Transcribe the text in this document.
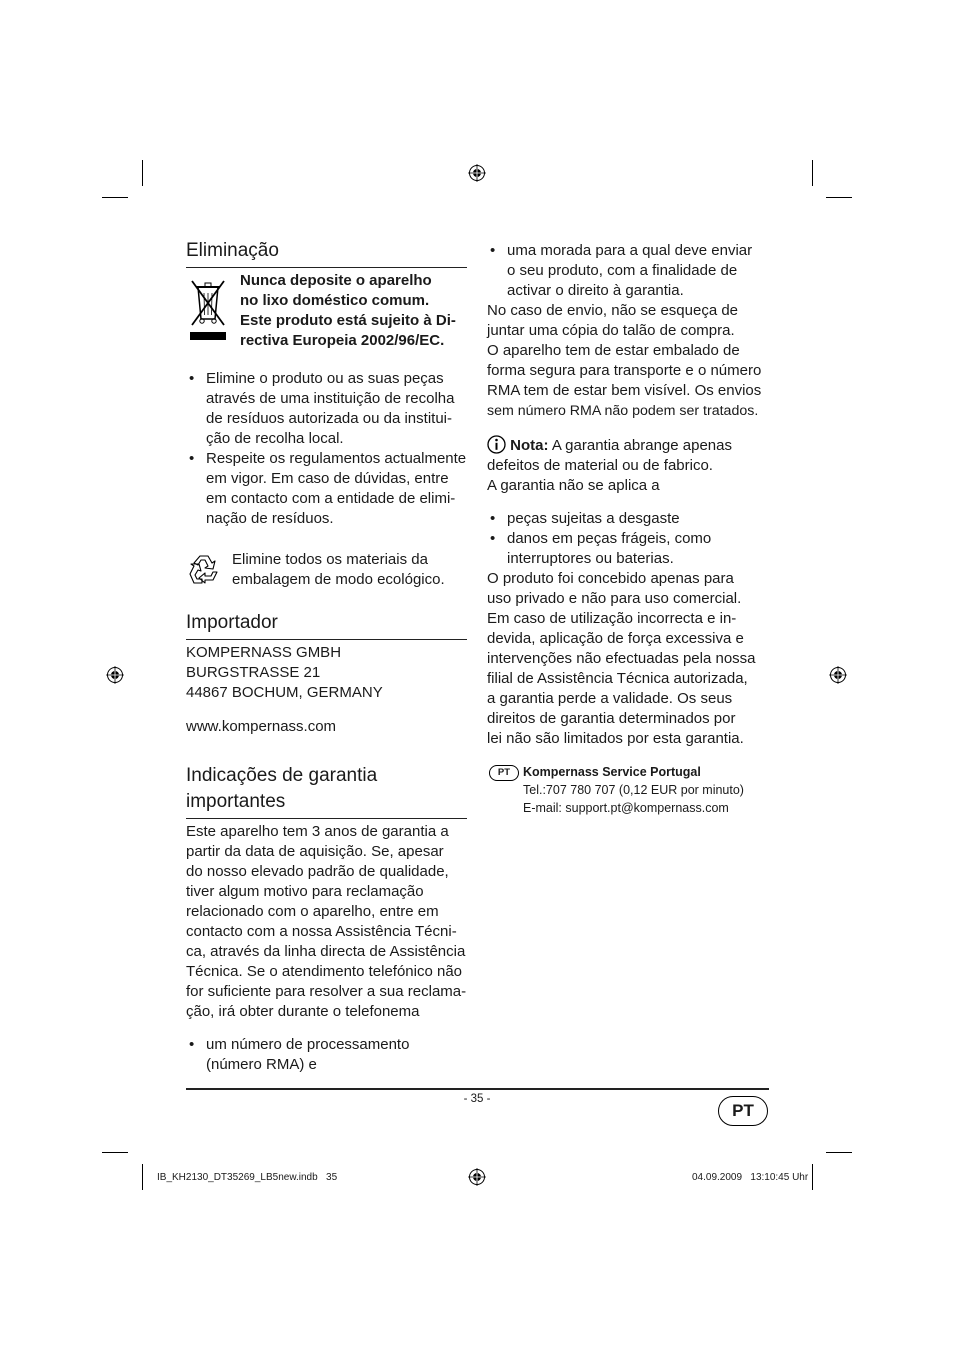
Eliminação
Nunca deposite o aparelho
no lixo doméstico comum.
Este produto está sujeito à Di-
rectiva Europeia 2002/96/EC.
• Elimine o produto ou as suas peças
através de uma instituição de recolha
de resíduos autorizada ou da institui-
ção de recolha local.
• Respeite os regulamentos actualmente
em vigor. Em caso de dúvidas, entre
em contacto com a entidade de elimi-
nação de resíduos.
Elimine todos os materiais da
embalagem de modo ecológico.
Importador
KOMPERNASS GMBH
BURGSTRASSE 21
44867 BOCHUM, GERMANY
www.kompernass.com
Indicações de garantia
importantes
Este aparelho tem 3 anos de garantia a
partir da data de aquisição. Se, apesar
do nosso elevado padrão de qualidade,
tiver algum motivo para reclamação
relacionado com o aparelho, entre em
contacto com a nossa Assistência Técni-
ca, através da linha directa de Assistência
Técnica. Se o atendimento telefónico não
for suficiente para resolver a sua reclama-
ção, irá obter durante o telefonema
• um número de processamento
(número RMA) e
• uma morada para a qual deve enviar
o seu produto, com a finalidade de
activar o direito à garantia.
No caso de envio, não se esqueça de
juntar uma cópia do talão de compra.
O aparelho tem de estar embalado de
forma segura para transporte e o número
RMA tem de estar bem visível. Os envios
sem número RMA não podem ser tratados.
Nota: A garantia abrange apenas
defeitos de material ou de fabrico.
A garantia não se aplica a
• peças sujeitas a desgaste
• danos em peças frágeis, como
interruptores ou baterias.
O produto foi concebido apenas para
uso privado e não para uso comercial.
Em caso de utilização incorrecta e in-
devida, aplicação de força excessiva e
intervenções não efectuadas pela nossa
filial de Assistência Técnica autorizada,
a garantia perde a validade. Os seus
direitos de garantia determinados por
lei não são limitados por esta garantia.
PT	Kompernass Service Portugal
Tel.:707 780 707 (0,12 EUR por minuto)
E-mail: support.pt@kompernass.com
- 35 -
PT
IB_KH2130_DT35269_LB5new.indb   35	04.09.2009   13:10:45 Uhr
